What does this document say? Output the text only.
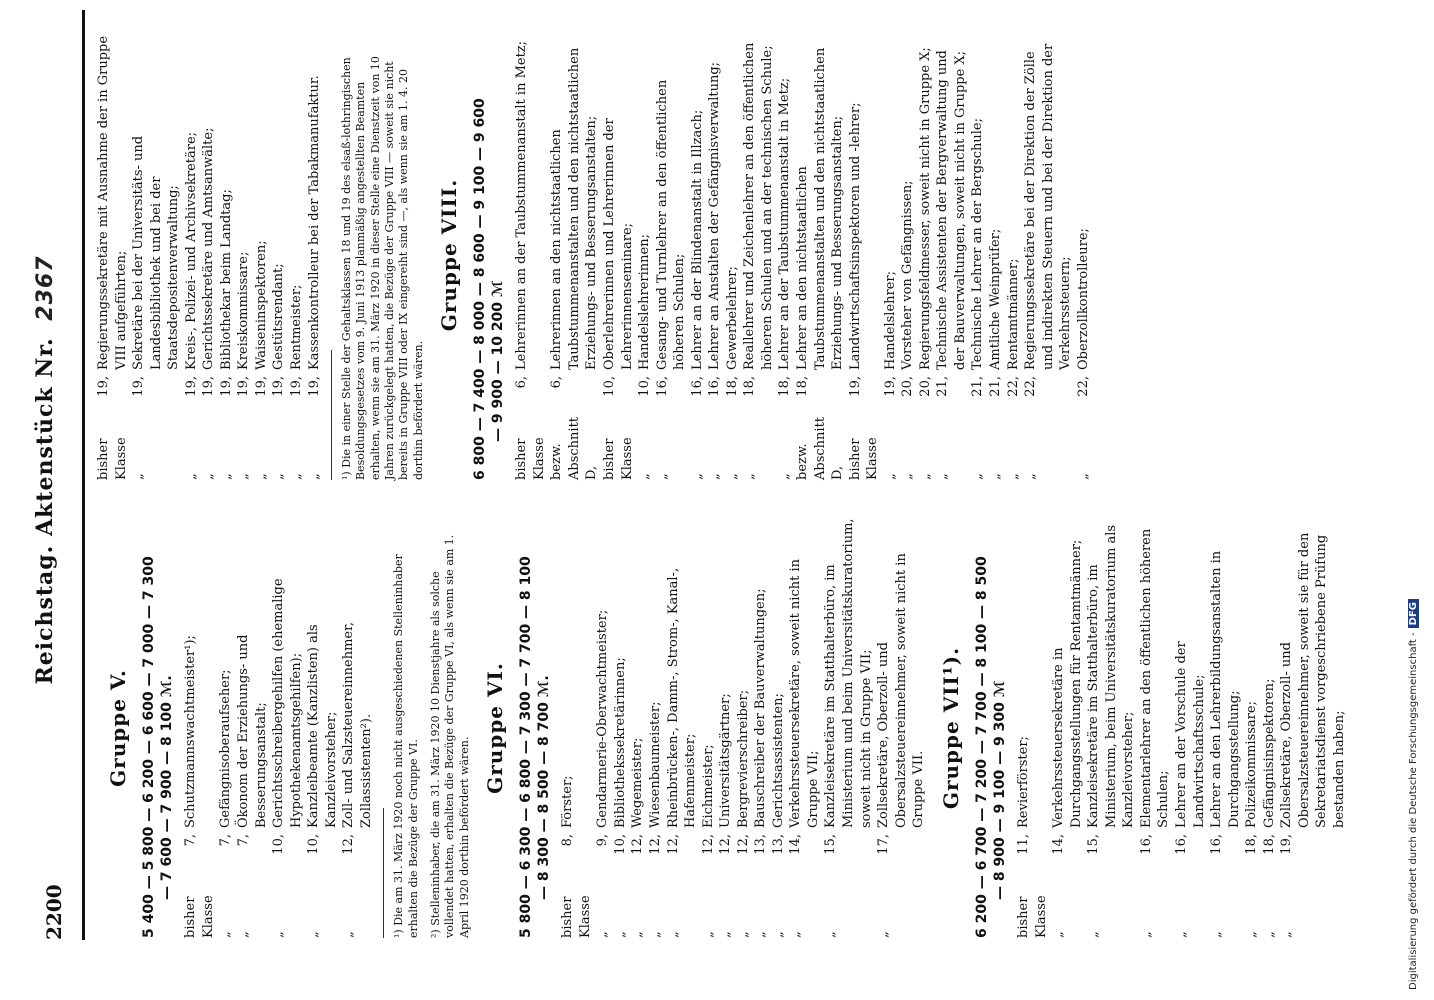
2200
Reichstag. Aktenstück Nr. 2367
Gruppe V. 5 400 — 5 800 — 6 200 — 6 600 — 7 000 — 7 300 — 7 600 — 7 900 — 8 100 ℳ.
bisher Klasse
7,
Schutzmannswachtmeister¹);
„
7,
Gefängnisoberaufseher;
„
7,
Ökonom der Erziehungs- und Besserungsanstalt;
„
10,
Gerichtsschreibergehilfen (ehemalige Hypothekenamtsgehilfen);
„
10,
Kanzleibeamte (Kanzlisten) als Kanzleivorsteher;
„
12,
Zoll- und Salzsteuereinnehmer, Zollassistenten²). ¹) Die am 31. März 1920 noch nicht ausgeschiedenen Stelleninhaber erhalten die Bezüge der Gruppe VI. ²) Stelleninhaber, die am 31. März 1920 10 Dienstjahre als solche vollendet hatten, erhalten die Bezüge der Gruppe VI, als wenn sie am 1. April 1920 dorthin befördert wären.
Gruppe VI. 5 800 — 6 300 — 6 800 — 7 300 — 7 700 — 8 100 — 8 300 — 8 500 — 8 700 ℳ.
bisher Klasse
8,
Förster;
„
9,
Gendarmerie-Oberwachtmeister;
„
10,
Bibliothekssekretärinnen;
„
12,
Wegemeister;
„
12,
Wiesenbaumeister;
„
12,
Rheinbrücken-, Damm-, Strom-, Kanal-, Hafenmeister;
„
12,
Eichmeister;
„
12,
Universitätsgärtner;
„
12,
Bergrevierschreiber;
„
13,
Bauschreiber der Bauverwaltungen;
„
13,
Gerichtsassistenten;
„
14,
Verkehrssteuersekretäre, soweit nicht in Gruppe VII;
„
15,
Kanzleisekretäre im Statthalterbüro, im Ministerium und beim Universitätskuratorium, soweit nicht in Gruppe VII;
„
17,
Zollsekretäre, Oberzoll- und Obersalzsteuereinnehmer, soweit nicht in Gruppe VII. Gruppe VII¹). 6 200 — 6 700 — 7 200 — 7 700 — 8 100 — 8 500 — 8 900 — 9 100 — 9 300 ℳ
bisher Klasse
11,
Revierförster;
„
14,
Verkehrssteuersekretäre in Durchgangsstellungen für Rentamtmänner;
„
15,
Kanzleisekretäre im Statthalterbüro, im Ministerium, beim Universitätskuratorium als Kanzleivorsteher;
„
16,
Elementarlehrer an den öffentlichen höheren Schulen;
„
16,
Lehrer an der Vorschule der Landwirtschaftsschule;
„
16,
Lehrer an den Lehrerbildungsanstalten in Durchgangsstellung;
„
18,
Polizeikommissare;
„
18,
Gefängnisinspektoren;
„
19,
Zollsekretäre, Oberzoll- und Obersalzsteuereinnehmer, soweit sie für den Sekretariatsdienst vorgeschriebene Prüfung bestanden haben;
bisher Klasse
19,
Regierungssekretäre mit Ausnahme der in Gruppe VIII aufgeführten;
„
19,
Sekretäre bei der Universitäts- und Landesbibliothek und bei der Staatsdepositenverwaltung;
„
19,
Kreis-, Polizei- und Archivsekretäre;
„
19,
Gerichtssekretäre und Amtsanwälte;
„
19,
Bibliothekar beim Landtag;
„
19,
Kreiskommissare;
„
19,
Waiseninspektoren;
„
19,
Gestütsrendant;
„
19,
Rentmeister;
„
19,
Kassenkontrolleur bei der Tabakmanufaktur. ¹) Die in einer Stelle der Gehaltsklassen 18 und 19 des elsaß-lothringischen Besoldungsgesetzes vom 9. Juni 1913 planmäßig angestellten Beamten erhalten, wenn sie am 31. März 1920 in dieser Stelle eine Dienstzeit von 10 Jahren zurückgelegt hatten, die Bezüge der Gruppe VIII — soweit sie nicht bereits in Gruppe VIII oder IX eingereiht sind —, als wenn sie am 1. 4. 20 dorthin befördert wären.
Gruppe VIII. 6 800 — 7 400 — 8 000 — 8 600 — 9 100 — 9 600 — 9 900 — 10 200 ℳ
bisher Klasse
6,
Lehrerinnen an der Taubstummenanstalt in Metz;
bezw. Abschnitt D,
6,
Lehrerinnen an den nichtstaatlichen Taubstummenanstalten und den nichtstaatlichen Erziehungs- und Besserungsanstalten;
bisher Klasse
10,
Oberlehrerinnen und Lehrerinnen der Lehrerinnenseminare;
„
10,
Handelslehrerinnen;
„
16,
Gesang- und Turnlehrer an den öffentlichen höheren Schulen;
„
16,
Lehrer an der Blindenanstalt in Illzach;
„
16,
Lehrer an Anstalten der Gefängnisverwaltung;
„
18,
Gewerbelehrer;
„
18,
Reallehrer und Zeichenlehrer an den öffentlichen höheren Schulen und an der technischen Schule;
„
18,
Lehrer an der Taubstummenanstalt in Metz;
bezw. Abschnitt D,
18,
Lehrer an den nichtstaatlichen Taubstummenanstalten und den nichtstaatlichen Erziehungs- und Besserungsanstalten;
bisher Klasse
19,
Landwirtschaftsinspektoren und -lehrer;
„
19,
Handelslehrer;
„
20,
Vorsteher von Gefängnissen;
„
20,
Regierungsfeldmesser, soweit nicht in Gruppe X;
„
21,
Technische Assistenten der Bergverwaltung und der Bauverwaltungen, soweit nicht in Gruppe X;
„
21,
Technische Lehrer an der Bergschule;
„
21,
Amtliche Weinprüfer;
„
22,
Rentamtmänner;
„
22,
Regierungssekretäre bei der Direktion der Zölle und indirekten Steuern und bei der Direktion der Verkehrssteuern;
„
22,
Oberzollkontrolleure;
Digitalisierung gefördert durch die Deutsche Forschungsgemeinschaft -DFG
